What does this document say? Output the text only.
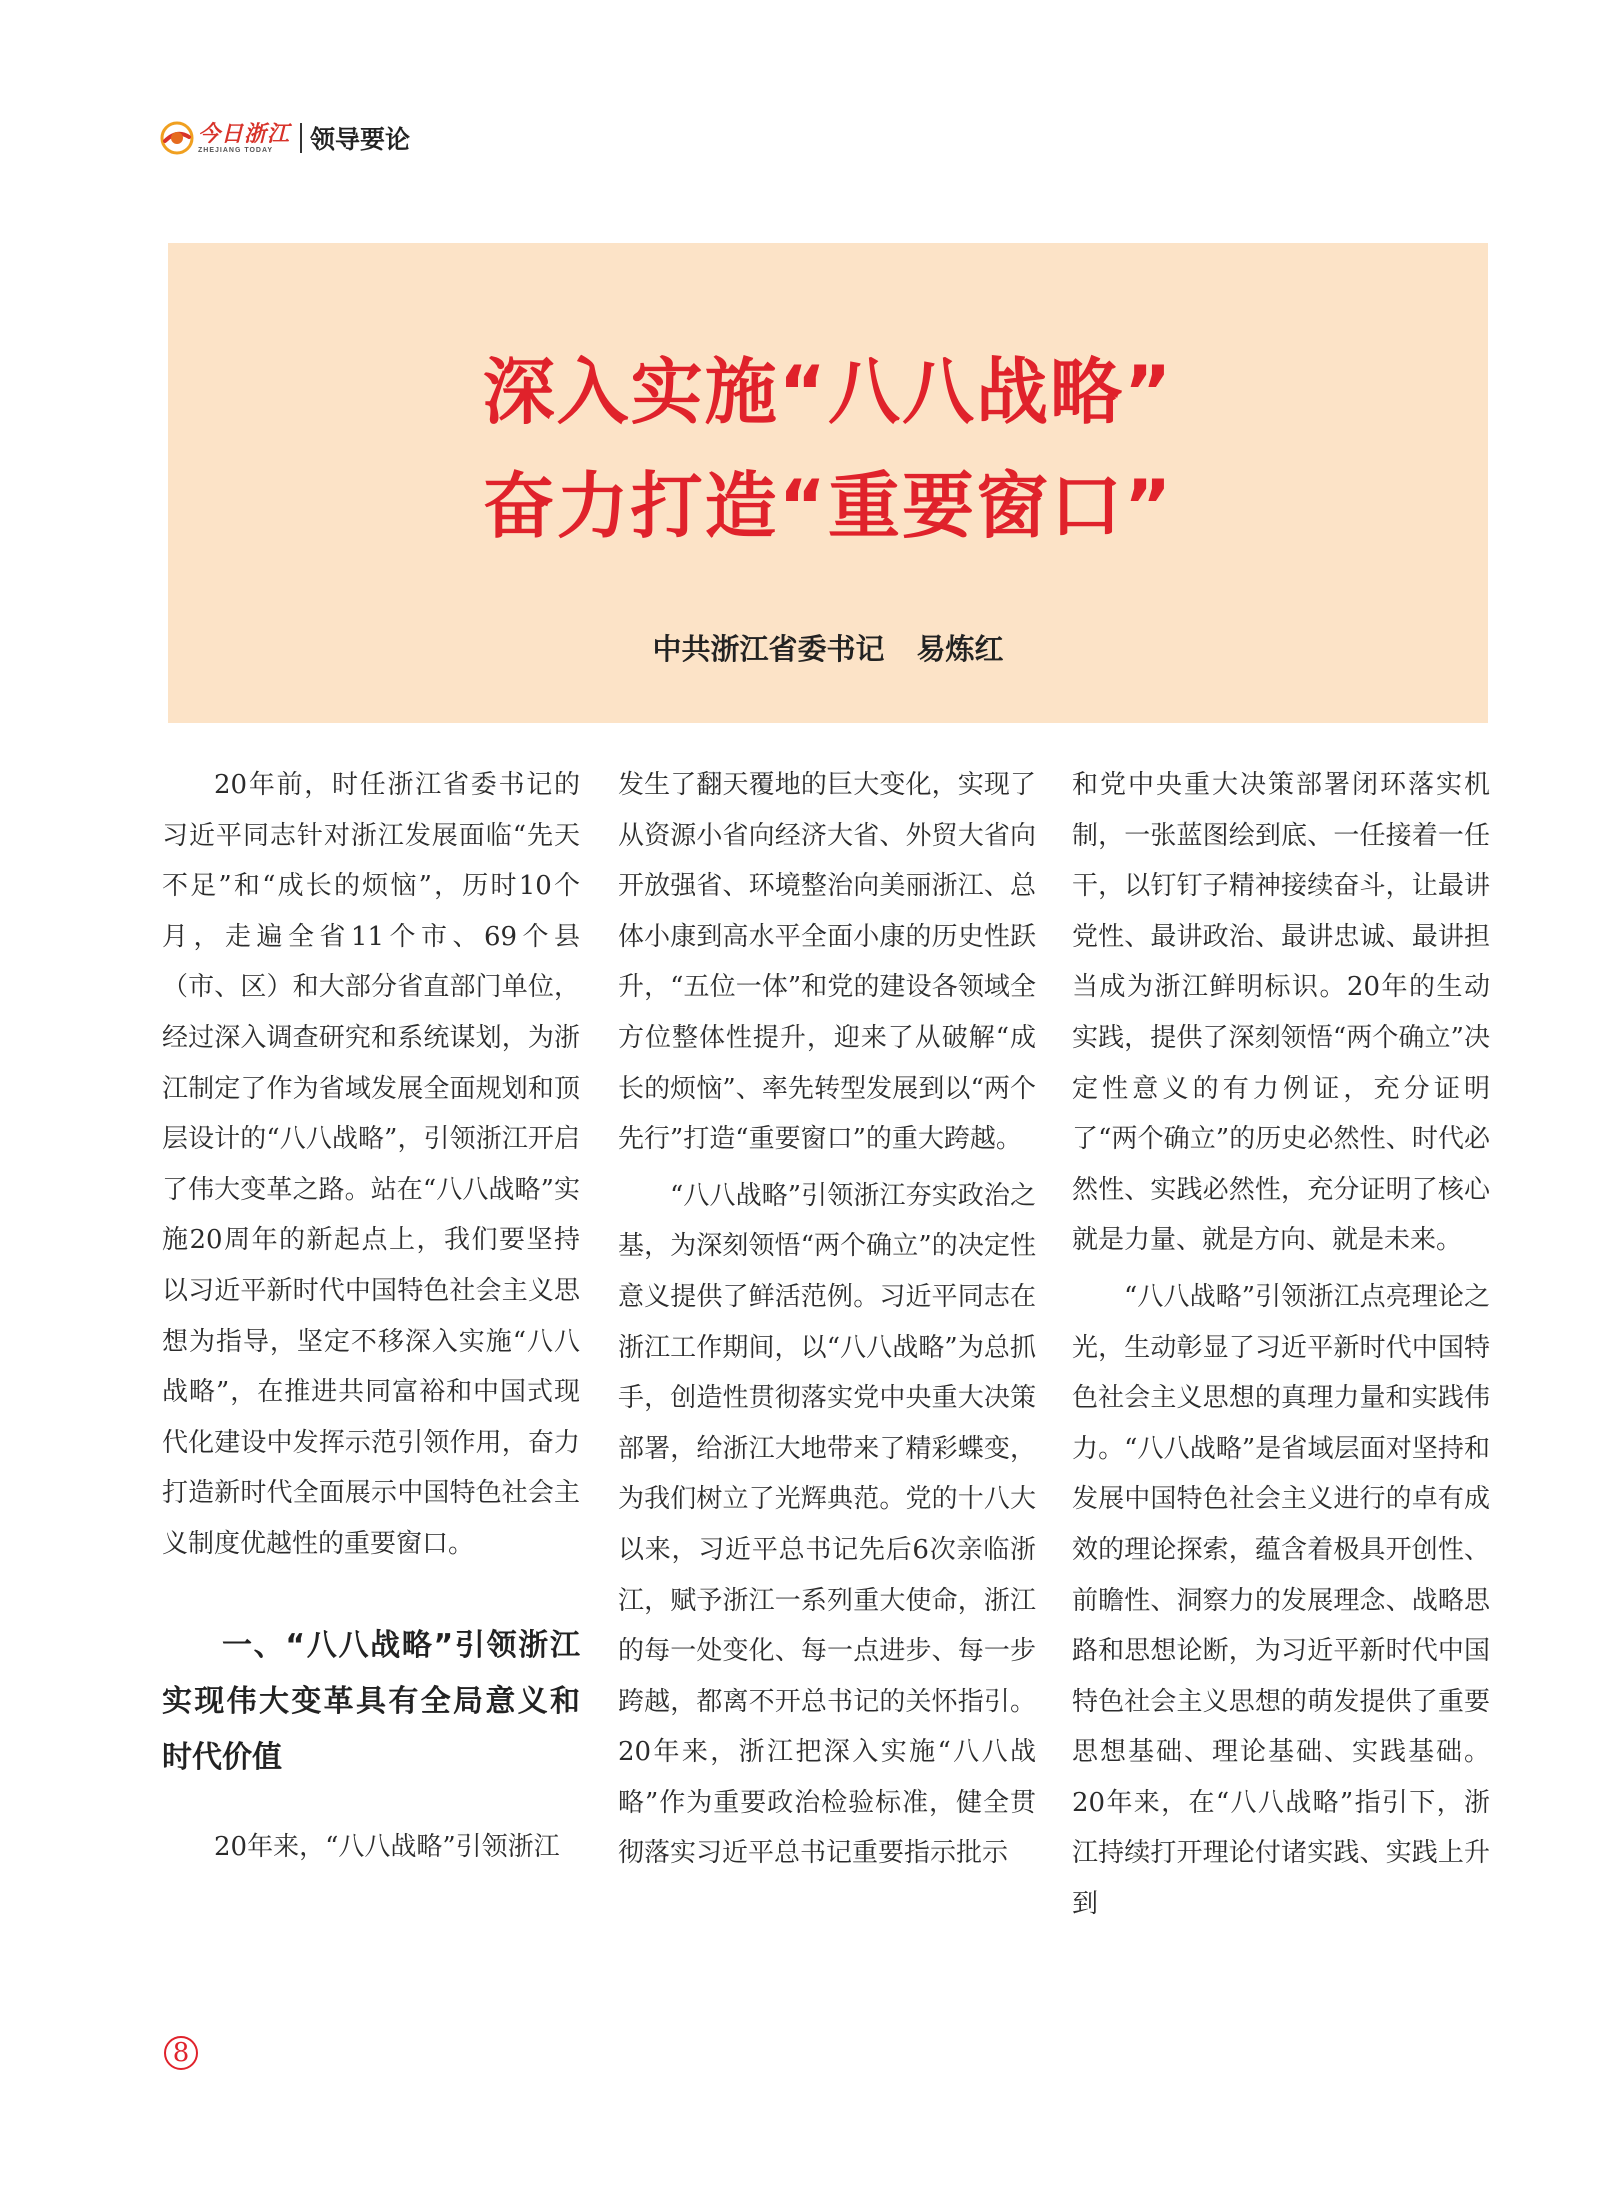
今日浙江
ZHEJIANG TODAY	领导要论
深入实施“八八战略”
奋力打造“重要窗口”
中共浙江省委书记 易炼红

20年前，时任浙江省委书记的习近平同志针对浙江发展面临“先天不足”和“成长的烦恼”，历时10个月，走遍全省11个市、69个县（市、区）和大部分省直部门单位，经过深入调查研究和系统谋划，为浙江制定了作为省域发展全面规划和顶层设计的“八八战略”，引领浙江开启了伟大变革之路。站在“八八战略”实施20周年的新起点上，我们要坚持以习近平新时代中国特色社会主义思想为指导，坚定不移深入实施“八八战略”，在推进共同富裕和中国式现代化建设中发挥示范引领作用，奋力打造新时代全面展示中国特色社会主义制度优越性的重要窗口。

一、“八八战略”引领浙江实现伟大变革具有全局意义和时代价值

20年来，“八八战略”引领浙江

发生了翻天覆地的巨大变化，实现了从资源小省向经济大省、外贸大省向开放强省、环境整治向美丽浙江、总体小康到高水平全面小康的历史性跃升，“五位一体”和党的建设各领域全方位整体性提升，迎来了从破解“成长的烦恼”、率先转型发展到以“两个先行”打造“重要窗口”的重大跨越。

“八八战略”引领浙江夯实政治之基，为深刻领悟“两个确立”的决定性意义提供了鲜活范例。习近平同志在浙江工作期间，以“八八战略”为总抓手，创造性贯彻落实党中央重大决策部署，给浙江大地带来了精彩蝶变，为我们树立了光辉典范。党的十八大以来，习近平总书记先后6次亲临浙江，赋予浙江一系列重大使命，浙江的每一处变化、每一点进步、每一步跨越，都离不开总书记的关怀指引。20年来，浙江把深入实施“八八战略”作为重要政治检验标准，健全贯彻落实习近平总书记重要指示批示

和党中央重大决策部署闭环落实机制，一张蓝图绘到底、一任接着一任干，以钉钉子精神接续奋斗，让最讲党性、最讲政治、最讲忠诚、最讲担当成为浙江鲜明标识。20年的生动实践，提供了深刻领悟“两个确立”决定性意义的有力例证，充分证明了“两个确立”的历史必然性、时代必然性、实践必然性，充分证明了核心就是力量、就是方向、就是未来。

“八八战略”引领浙江点亮理论之光，生动彰显了习近平新时代中国特色社会主义思想的真理力量和实践伟力。“八八战略”是省域层面对坚持和发展中国特色社会主义进行的卓有成效的理论探索，蕴含着极具开创性、前瞻性、洞察力的发展理念、战略思路和思想论断，为习近平新时代中国特色社会主义思想的萌发提供了重要思想基础、理论基础、实践基础。20年来，在“八八战略”指引下，浙江持续打开理论付诸实践、实践上升到

8
